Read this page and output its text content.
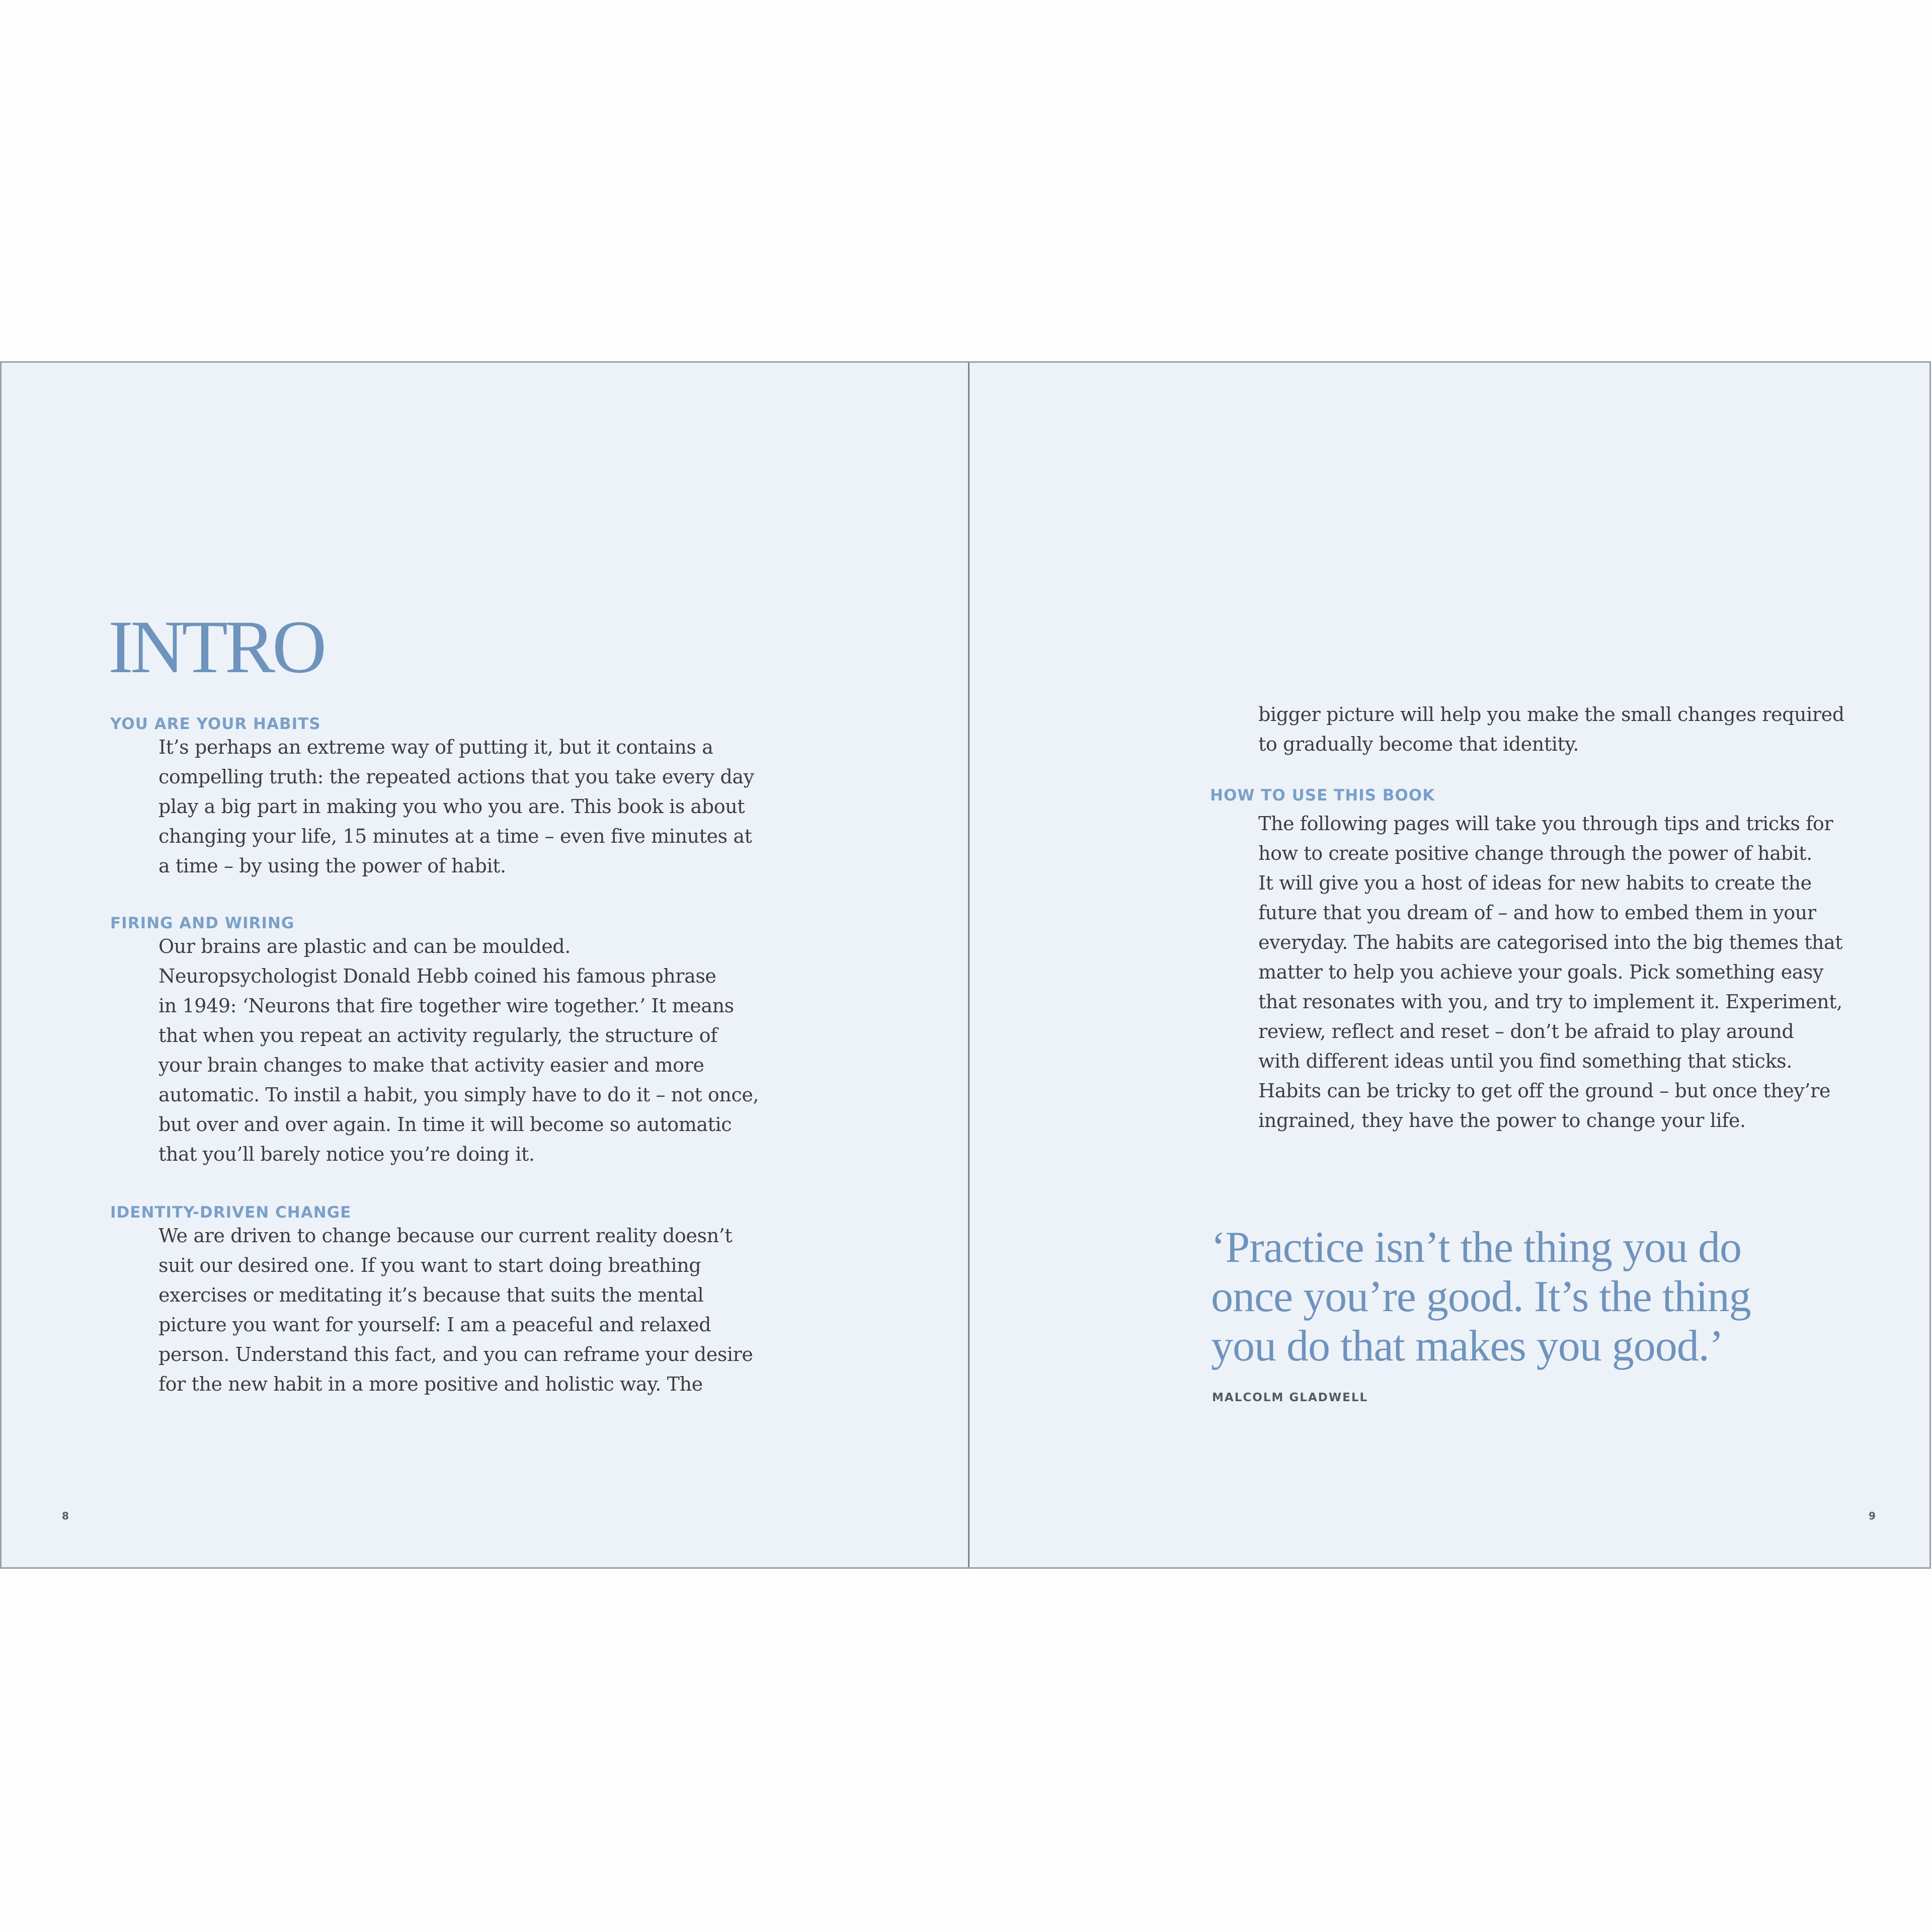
INTRO
YOU ARE YOUR HABITS
It’s perhaps an extreme way of putting it, but it contains a
compelling truth: the repeated actions that you take every day
play a big part in making you who you are. This book is about
changing your life, 15 minutes at a time – even five minutes at
a time – by using the power of habit.
FIRING AND WIRING
Our brains are plastic and can be moulded.
Neuropsychologist Donald Hebb coined his famous phrase
in 1949: ‘Neurons that fire together wire together.’ It means
that when you repeat an activity regularly, the structure of
your brain changes to make that activity easier and more
automatic. To instil a habit, you simply have to do it – not once,
but over and over again. In time it will become so automatic
that you’ll barely notice you’re doing it.
IDENTITY-DRIVEN CHANGE
We are driven to change because our current reality doesn’t
suit our desired one. If you want to start doing breathing
exercises or meditating it’s because that suits the mental
picture you want for yourself: I am a peaceful and relaxed
person. Understand this fact, and you can reframe your desire
for the new habit in a more positive and holistic way. The

8

bigger picture will help you make the small changes required
to gradually become that identity.
HOW TO USE THIS BOOK
The following pages will take you through tips and tricks for
how to create positive change through the power of habit.
It will give you a host of ideas for new habits to create the
future that you dream of – and how to embed them in your
everyday. The habits are categorised into the big themes that
matter to help you achieve your goals. Pick something easy
that resonates with you, and try to implement it. Experiment,
review, reflect and reset – don’t be afraid to play around
with different ideas until you find something that sticks.
Habits can be tricky to get off the ground – but once they’re
ingrained, they have the power to change your life.
‘Practice isn’t the thing you do
once you’re good. It’s the thing
you do that makes you good.’

MALCOLM GLADWELL

9
